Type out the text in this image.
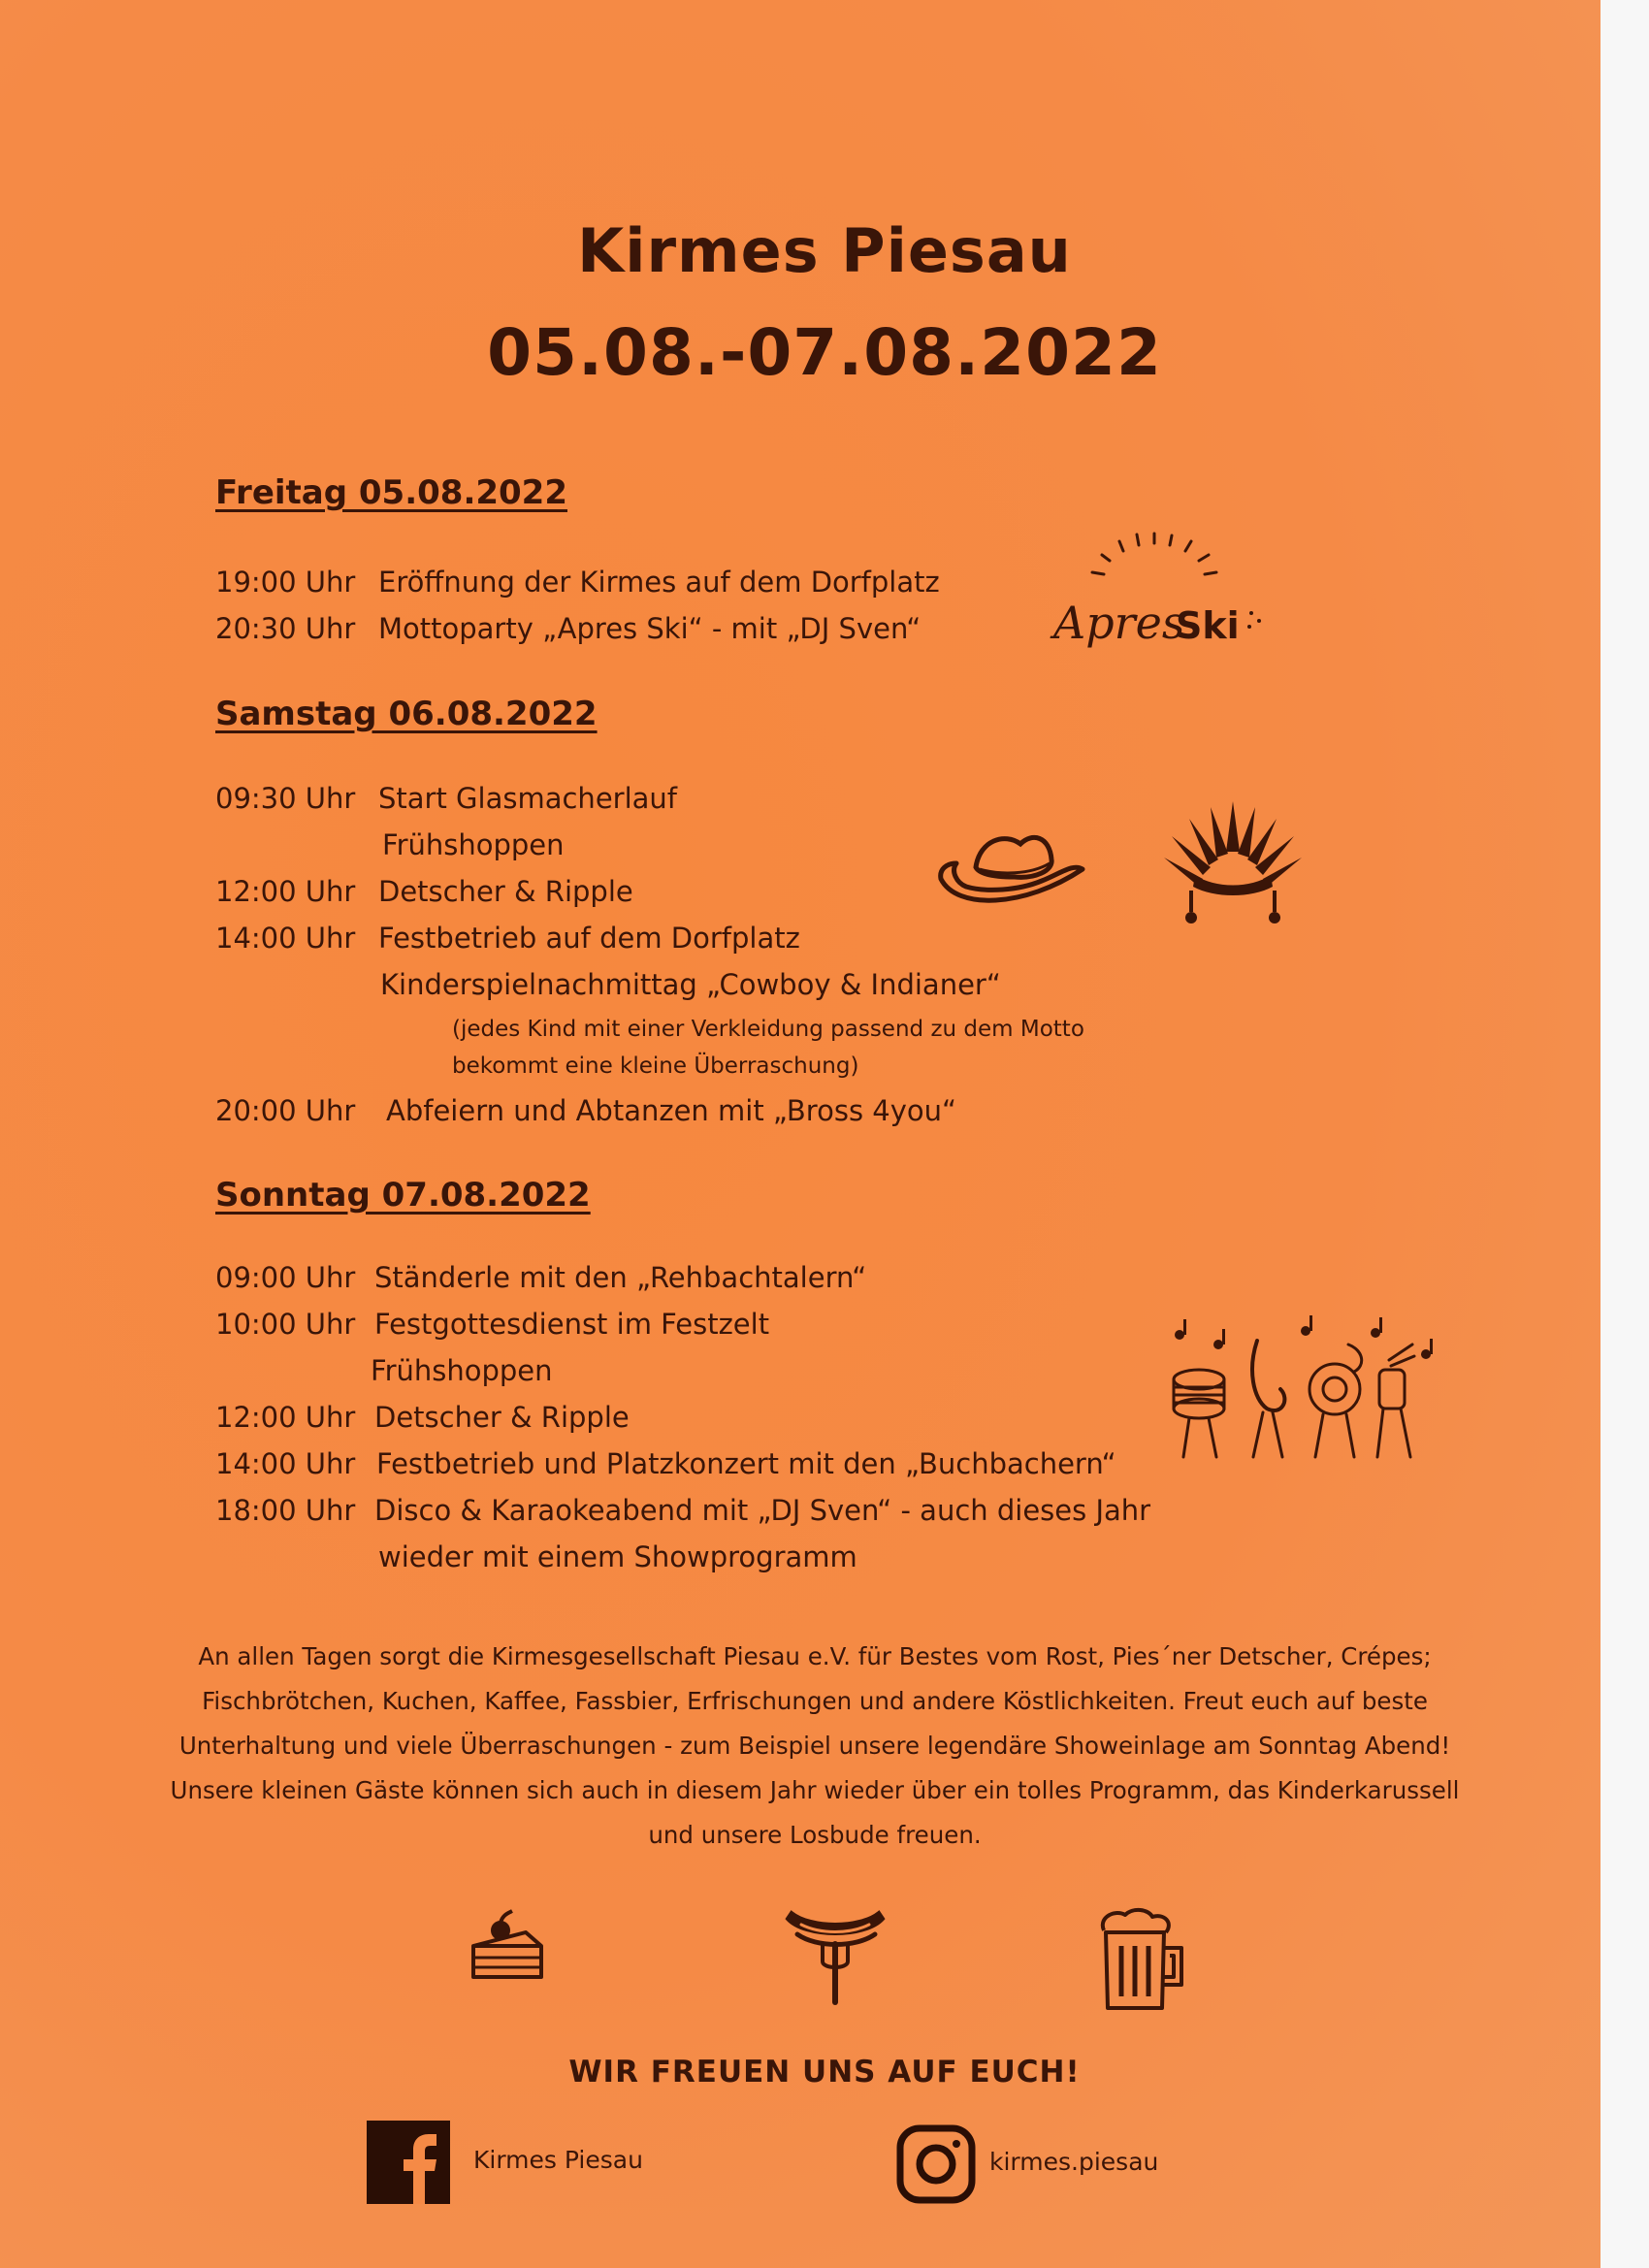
Kirmes Piesau
05.08.-07.08.2022
Freitag 05.08.2022
19:00 Uhr Eröffnung der Kirmes auf dem Dorfplatz
20:30 Uhr Mottoparty „Apres Ski“ - mit „DJ Sven“	Apres
Ski
Samstag 06.08.2022
09:30 Uhr Start Glasmacherlauf
Frühshoppen
12:00 Uhr Detscher & Ripple
14:00 Uhr Festbetrieb auf dem Dorfplatz
Kinderspielnachmittag „Cowboy & Indianer“
(jedes Kind mit einer Verkleidung passend zu dem Motto
bekommt eine kleine Überraschung)
20:00 Uhr Abfeiern und Abtanzen mit „Bross 4you“
Sonntag 07.08.2022
09:00 Uhr Ständerle mit den „Rehbachtalern“
10:00 Uhr Festgottesdienst im Festzelt
Frühshoppen
12:00 Uhr Detscher & Ripple
14:00 Uhr Festbetrieb und Platzkonzert mit den „Buchbachern“
18:00 Uhr Disco & Karaokeabend mit „DJ Sven“ - auch dieses Jahr
wieder mit einem Showprogramm
An allen Tagen sorgt die Kirmesgesellschaft Piesau e.V. für Bestes vom Rost, Pies´ner Detscher, Crépes;
Fischbrötchen, Kuchen, Kaffee, Fassbier, Erfrischungen und andere Köstlichkeiten. Freut euch auf beste
Unterhaltung und viele Überraschungen - zum Beispiel unsere legendäre Showeinlage am Sonntag Abend!
Unsere kleinen Gäste können sich auch in diesem Jahr wieder über ein tolles Programm, das Kinderkarussell
und unsere Losbude freuen.
WIR FREUEN UNS AUF EUCH!
Kirmes Piesau	kirmes.piesau
